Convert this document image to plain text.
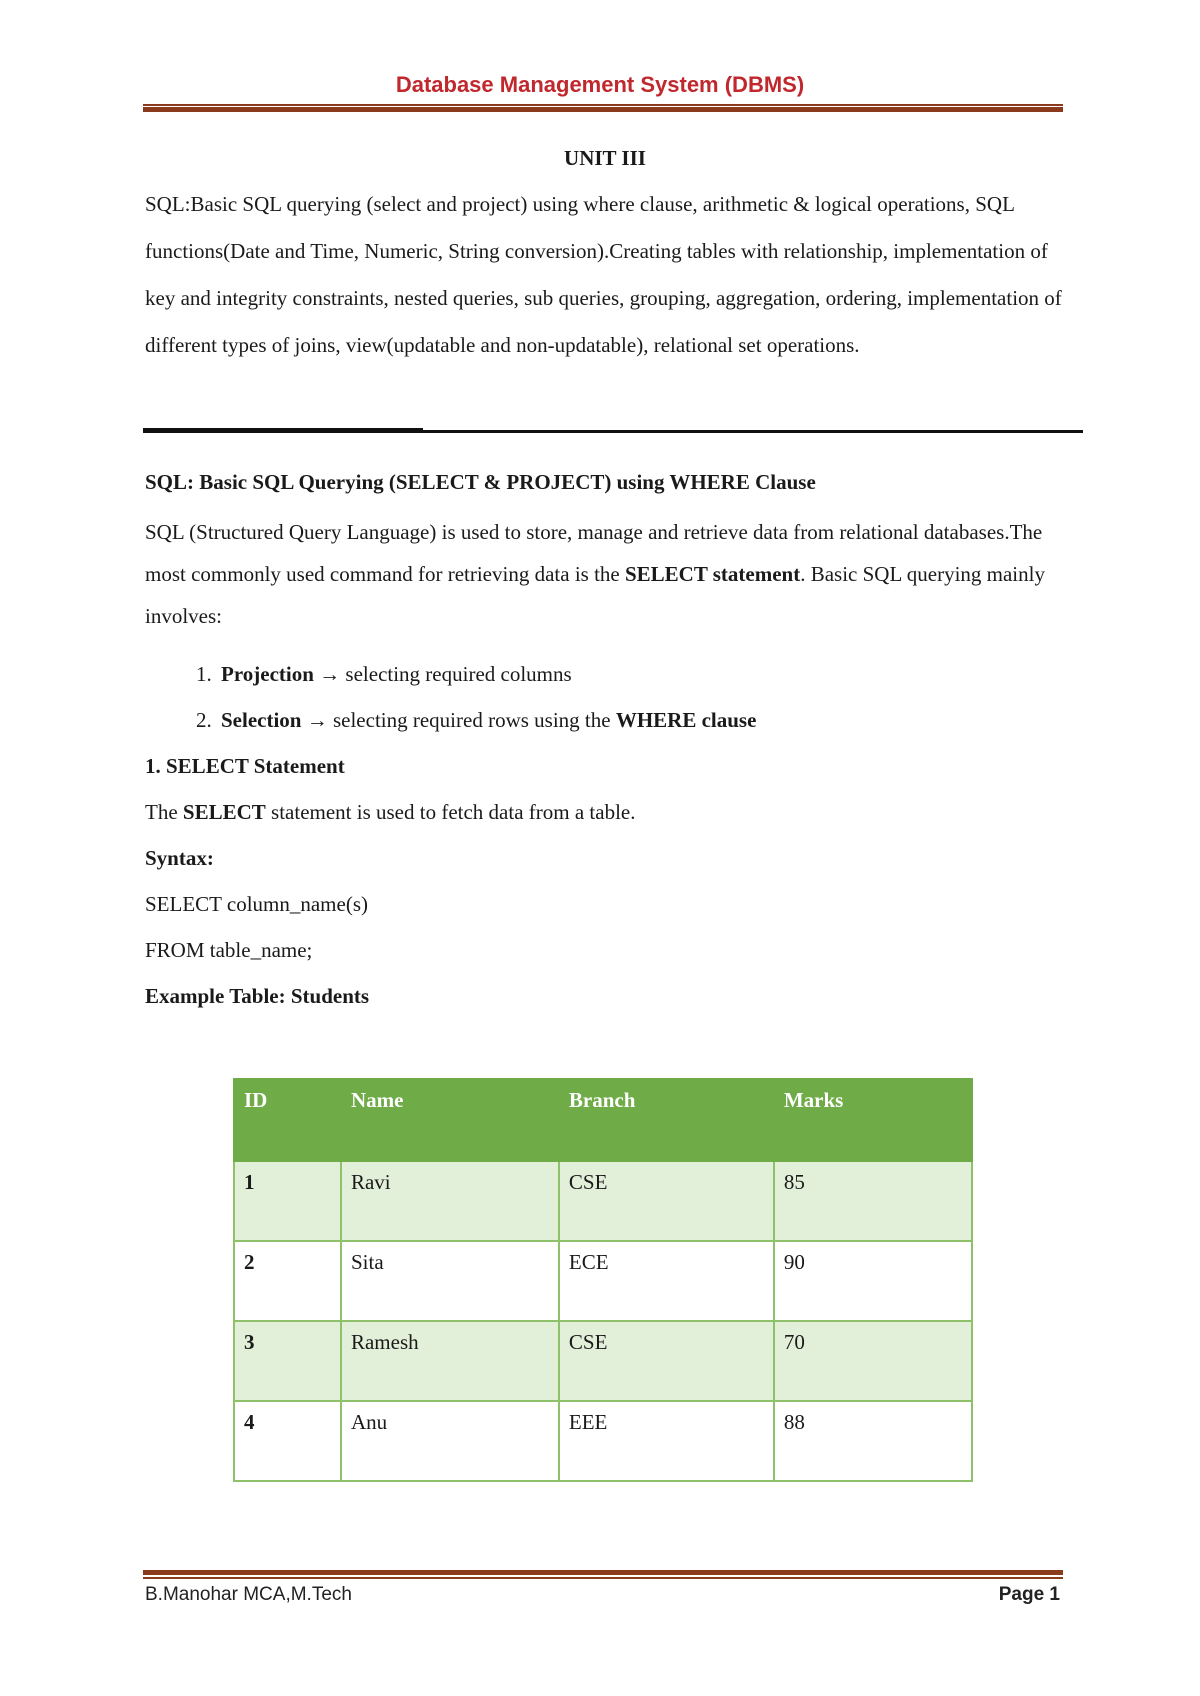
Database Management System (DBMS)
UNIT III

SQL:Basic SQL querying (select and project) using where clause, arithmetic & logical operations, SQL functions(Date and Time, Numeric, String conversion).Creating tables with relationship, implementation of key and integrity constraints, nested queries, sub queries, grouping, aggregation, ordering, implementation of different types of joins, view(updatable and non-updatable), relational set operations.

SQL: Basic SQL Querying (SELECT & PROJECT) using WHERE Clause

SQL (Structured Query Language) is used to store, manage and retrieve data from relational databases.The most commonly used command for retrieving data is the SELECT statement. Basic SQL querying mainly involves:

1. Projection → selecting required columns
2. Selection → selecting required rows using the WHERE clause

1. SELECT Statement

The SELECT statement is used to fetch data from a table.

Syntax:

SELECT column_name(s)

FROM table_name;

Example Table: Students

ID	Name	Branch	Marks
1	Ravi	CSE	85
2	Sita	ECE	90
3	Ramesh	CSE	70
4	Anu	EEE	88
B.Manohar MCA,M.Tech	Page 1
